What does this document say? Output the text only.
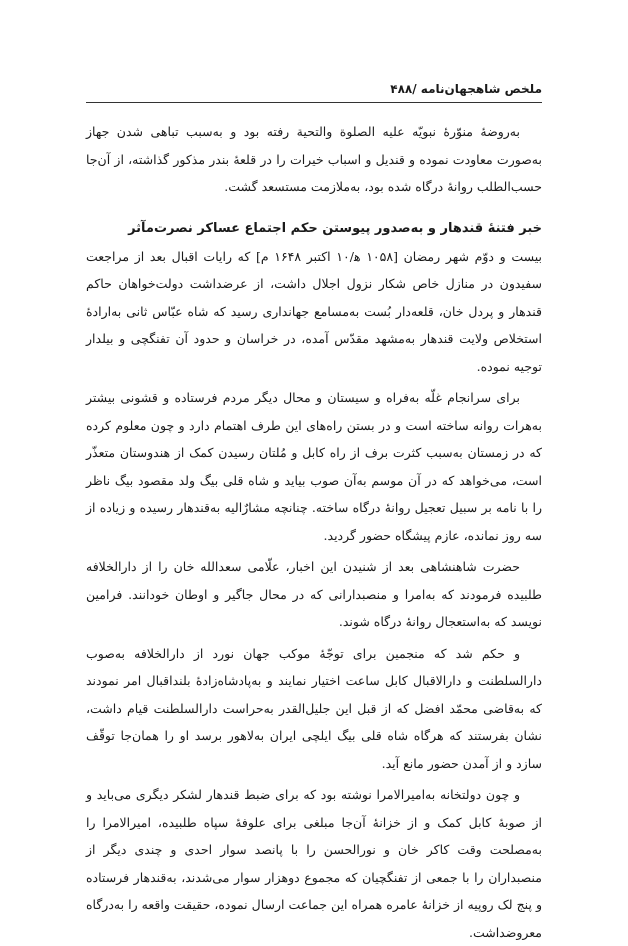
ملخص شاهجهان‌نامه /۴۸۸

به‌روضهٔ منوّرهٔ نبویّه علیه الصلوة والتحیة رفته بود و به‌سبب تباهی شدن جهاز به‌صورت معاودت نموده و قندیل و اسباب خیرات را در قلعهٔ بندر مذکور گذاشته، از آن‌جا حسب‌الطلب روانهٔ درگاه شده بود، به‌ملازمت مستسعد گشت.

خبر فتنهٔ قندهار و به‌صدور پیوستن حکم اجتماع عساکر نصرت‌مآثر

بیست و دوّم شهر رمضان [۱۰۵۸ ه‍/۱۰ اکتبر ۱۶۴۸ م] که رایات اقبال بعد از مراجعت سفیدون در منازل خاص شکار نزول اجلال داشت، از عرضداشت دولت‌خواهان حاکم قندهار و پردل خان، قلعه‌دار بُست به‌مسامع جهانداری رسید که شاه عبّاس ثانی به‌ارادهٔ استخلاص ولایت قندهار به‌مشهد مقدّس آمده، در خراسان و حدود آن تفنگچی و بیلدار توجیه نموده.

برای سرانجام غلّه به‌فراه و سیستان و محال دیگر مردم فرستاده و قشونی بیشتر به‌هرات روانه ساخته است و در بستن راه‌های این طرف اهتمام دارد و چون معلوم کرده که در زمستان به‌سبب کثرت برف از راه کابل و مُلتان رسیدن کمک از هندوستان متعذّر است، می‌خواهد که در آن موسم به‌آن صوب بیاید و شاه قلی بیگ ولد مقصود بیگ ناظر را با نامه بر سبیل تعجیل روانهٔ درگاه ساخته. چنانچه مشارٌالیه به‌قندهار رسیده و زیاده از سه روز نمانده، عازم پیشگاه حضور گردید.

حضرت شاهنشاهی بعد از شنیدن این اخبار، علّامی سعدالله خان را از دارالخلافه طلبیده فرمودند که به‌امرا و منصبدارانی که در محال جاگیر و اوطان خودانند. فرامین نویسد که به‌استعجال روانهٔ درگاه شوند.

و حکم شد که منجمین برای توجّهٔ موکب جهان نورد از دارالخلافه به‌صوب دارالسلطنت و دارالاقبال کابل ساعت اختیار نمایند و به‌پادشاه‌زادهٔ بلنداقبال امر نمودند که به‌قاضی محمّد افضل که از قبل این جلیل‌القدر به‌حراست دارالسلطنت قیام داشت، نشان بفرستند که هرگاه شاه قلی بیگ ایلچی ایران به‌لاهور برسد او را همان‌جا توقّف سازد و از آمدن حضور مانع آید.

و چون دولتخانه به‌امیرالامرا نوشته بود که برای ضبط قندهار لشکر دیگری می‌باید و از صوبهٔ کابل کمک و از خزانهٔ آن‌جا مبلغی برای علوفهٔ سپاه طلبیده، امیرالامرا را به‌مصلحت وقت کاکر خان و نورالحسن را با پانصد سوار احدی و چندی دیگر از منصبداران را با جمعی از تفنگچیان که مجموع دوهزار سوار می‌شدند، به‌قندهار فرستاده و پنج لک روپیه از خزانهٔ عامره همراه این جماعت ارسال نموده، حقیقت واقعه را به‌درگاه معروضداشت.
